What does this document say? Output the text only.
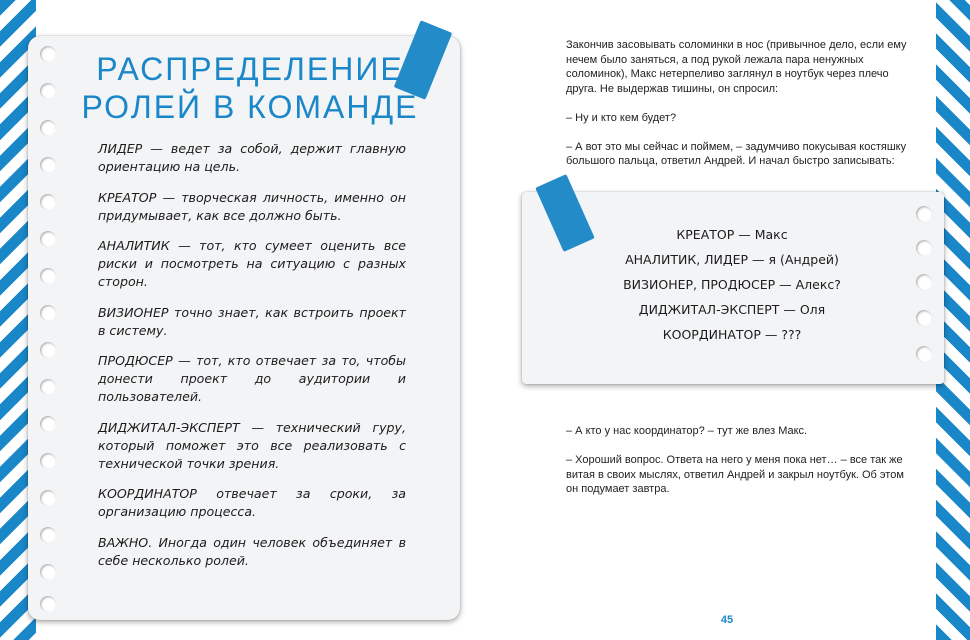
РАСПРЕДЕЛЕНИЕ
РОЛЕЙ В КОМАНДЕ

ЛИДЕР — ведет за собой, держит главную ориентацию на цель.

КРЕАТОР — творческая личность, именно он придумывает, как все должно быть.

АНАЛИТИК — тот, кто сумеет оценить все риски и посмотреть на ситуацию с разных сторон.

ВИЗИОНЕР точно знает, как встроить проект в систему.

ПРОДЮСЕР — тот, кто отвечает за то, чтобы донести проект до аудитории и пользователей.

ДИДЖИТАЛ-ЭКСПЕРТ — технический гуру, который поможет это все реализовать с технической точки зрения.

КООРДИНАТОР отвечает за сроки, за организацию процесса.

ВАЖНО. Иногда один человек объединяет в себе несколько ролей.

Закончив засовывать соломинки в нос (привычное дело, если ему нечем было заняться, а под рукой лежала пара ненужных соломинок), Макс нетерпеливо заглянул в ноутбук через плечо друга. Не выдержав тишины, он спросил:

– Ну и кто кем будет?

– А вот это мы сейчас и поймем, – задумчиво покусывая костяшку большого пальца, ответил Андрей. И начал быстро записывать:

КРЕАТОР — Макс
АНАЛИТИК, ЛИДЕР — я (Андрей)
ВИЗИОНЕР, ПРОДЮСЕР — Алекс?
ДИДЖИТАЛ-ЭКСПЕРТ — Оля
КООРДИНАТОР — ???

– А кто у нас координатор? – тут же влез Макс.

– Хороший вопрос. Ответа на него у меня пока нет… – все так же витая в своих мыслях, ответил Андрей и закрыл ноутбук. Об этом он подумает завтра.

45
